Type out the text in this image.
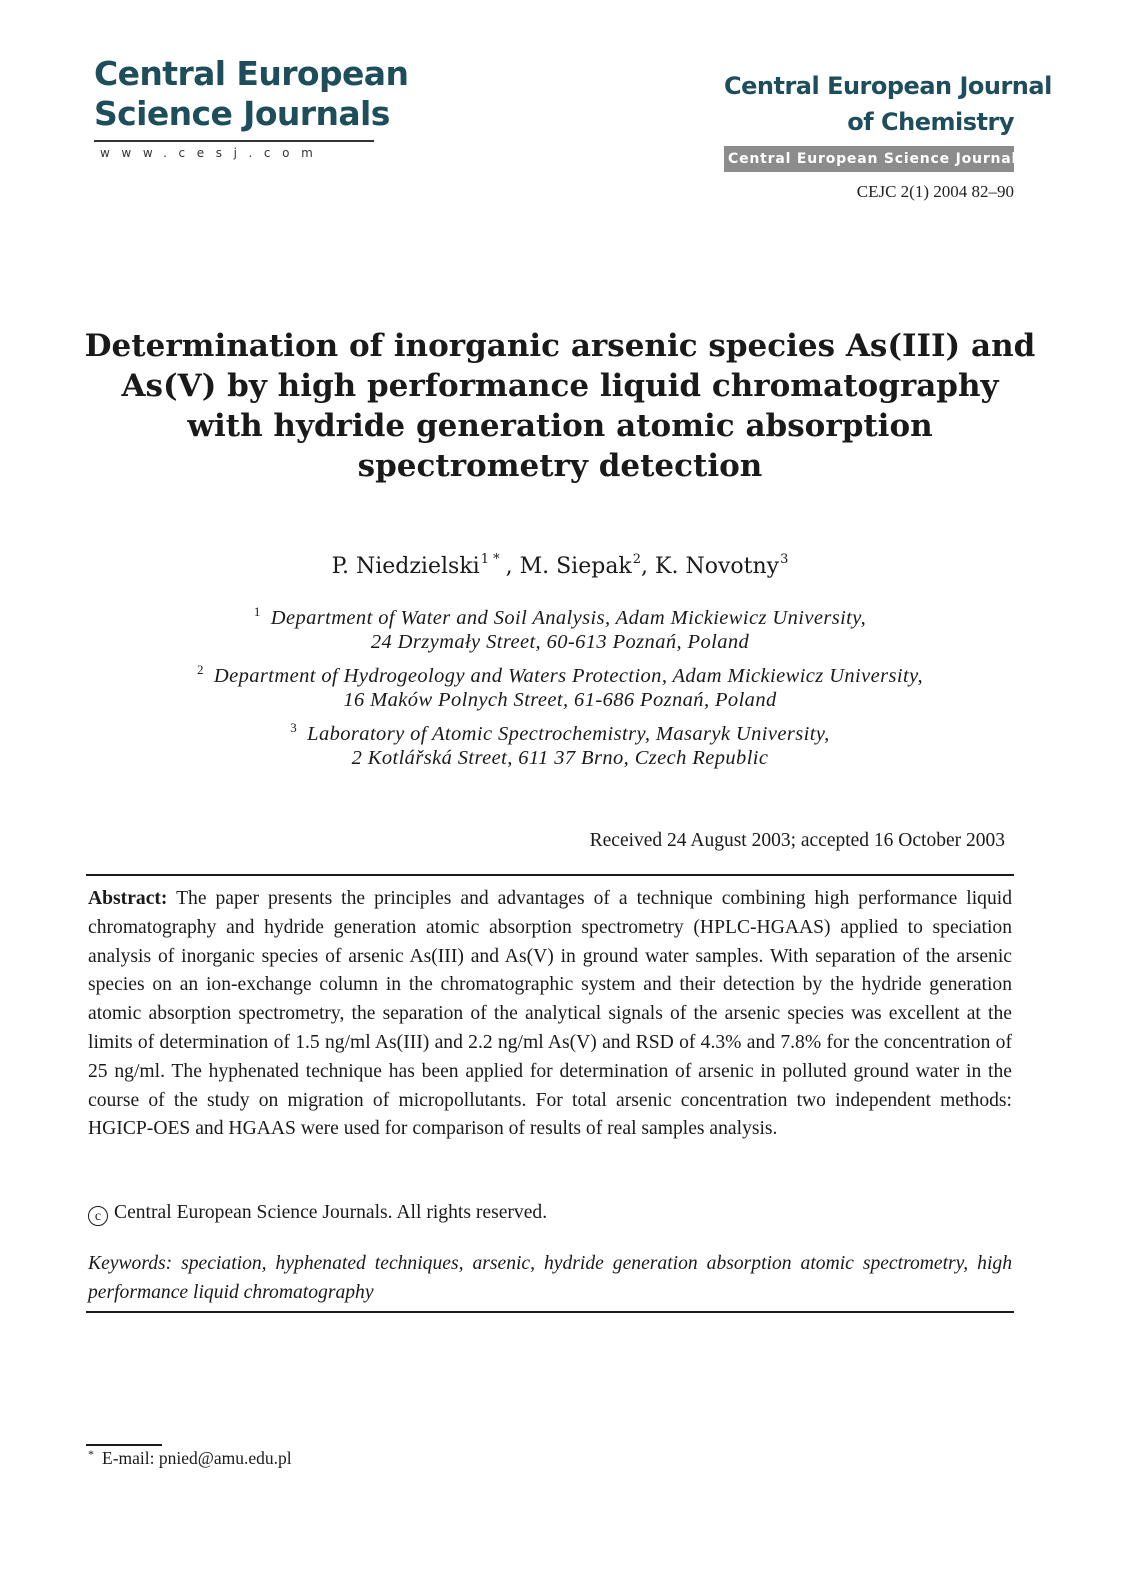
Central European
Science Journals
www.cesj.com
Central European Journal
of Chemistry
Central European Science Journals
CEJC 2(1) 2004 82–90
Determination of inorganic arsenic species As(III) and As(V) by high performance liquid chromatography with hydride generation atomic absorption spectrometry detection
P. Niedzielski$^{1 *}$ , M. Siepak$^2$, K. Novotny$^3$
$^1$ Department of Water and Soil Analysis, Adam Mickiewicz University,
24 Drzymały Street, 60-613 Poznań, Poland
$^2$ Department of Hydrogeology and Waters Protection, Adam Mickiewicz University,
16 Maków Polnych Street, 61-686 Poznań, Poland
$^3$ Laboratory of Atomic Spectrochemistry, Masaryk University,
2 Kotlářská Street, 611 37 Brno, Czech Republic
Received 24 August 2003; accepted 16 October 2003
Abstract: The paper presents the principles and advantages of a technique combining high performance liquid chromatography and hydride generation atomic absorption spectrometry (HPLC-HGAAS) applied to speciation analysis of inorganic species of arsenic As(III) and As(V) in ground water samples. With separation of the arsenic species on an ion-exchange column in the chromatographic system and their detection by the hydride generation atomic absorption spectrometry, the separation of the analytical signals of the arsenic species was excellent at the limits of determination of 1.5 ng/ml As(III) and 2.2 ng/ml As(V) and RSD of 4.3% and 7.8% for the concentration of 25 ng/ml. The hyphenated technique has been applied for determination of arsenic in polluted ground water in the course of the study on migration of micropollutants. For total arsenic concentration two independent methods: HGICP-OES and HGAAS were used for comparison of results of real samples analysis.
c Central European Science Journals. All rights reserved.
Keywords: speciation, hyphenated techniques, arsenic, hydride generation absorption atomic spectrometry, high performance liquid chromatography
* E-mail: pnied@amu.edu.pl
